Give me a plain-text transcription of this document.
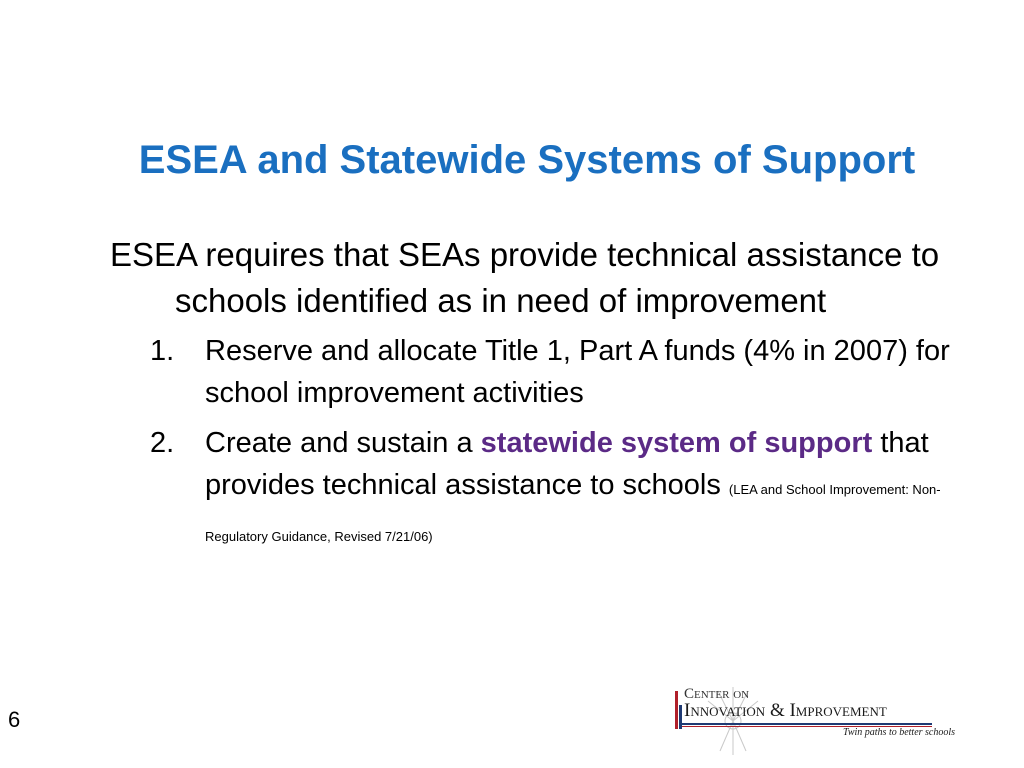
ESEA and Statewide Systems of Support

ESEA requires that SEAs provide technical assistance to schools identified as in need of improvement

1. Reserve and allocate Title 1, Part A funds (4% in 2007) for school improvement activities
2. Create and sustain a statewide system of support that provides technical assistance to schools (LEA and School Improvement: Non-Regulatory Guidance, Revised 7/21/06)
6
Center on
Innovation & Improvement
Twin paths to better schools
